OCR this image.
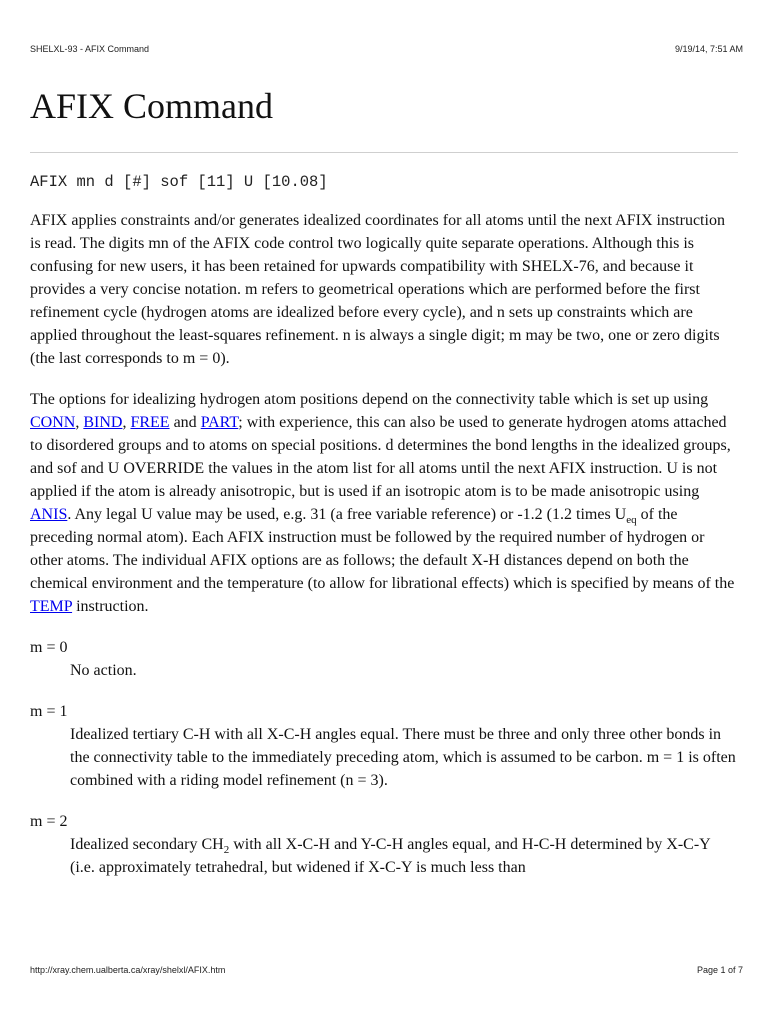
SHELXL-93 - AFIX Command	9/19/14, 7:51 AM
AFIX Command
AFIX mn d [#] sof [11] U [10.08]

AFIX applies constraints and/or generates idealized coordinates for all atoms until the next AFIX instruction is read. The digits mn of the AFIX code control two logically quite separate operations. Although this is confusing for new users, it has been retained for upwards compatibility with SHELX-76, and because it provides a very concise notation. m refers to geometrical operations which are performed before the first refinement cycle (hydrogen atoms are idealized before every cycle), and n sets up constraints which are applied throughout the least-squares refinement. n is always a single digit; m may be two, one or zero digits (the last corresponds to m = 0).

The options for idealizing hydrogen atom positions depend on the connectivity table which is set up using CONN, BIND, FREE and PART; with experience, this can also be used to generate hydrogen atoms attached to disordered groups and to atoms on special positions. d determines the bond lengths in the idealized groups, and sof and U OVERRIDE the values in the atom list for all atoms until the next AFIX instruction. U is not applied if the atom is already anisotropic, but is used if an isotropic atom is to be made anisotropic using ANIS. Any legal U value may be used, e.g. 31 (a free variable reference) or -1.2 (1.2 times $U_{eq}$ of the preceding normal atom). Each AFIX instruction must be followed by the required number of hydrogen or other atoms. The individual AFIX options are as follows; the default X-H distances depend on both the chemical environment and the temperature (to allow for librational effects) which is specified by means of the TEMP instruction.

m = 0
No action.
m = 1
Idealized tertiary C-H with all X-C-H angles equal. There must be three and only three other bonds in the connectivity table to the immediately preceding atom, which is assumed to be carbon. m = 1 is often combined with a riding model refinement (n = 3).
m = 2
Idealized secondary $CH_2$ with all X-C-H and Y-C-H angles equal, and H-C-H determined by X-C-Y (i.e. approximately tetrahedral, but widened if X-C-Y is much less than
http://xray.chem.ualberta.ca/xray/shelxl/AFIX.htm	Page 1 of 7
